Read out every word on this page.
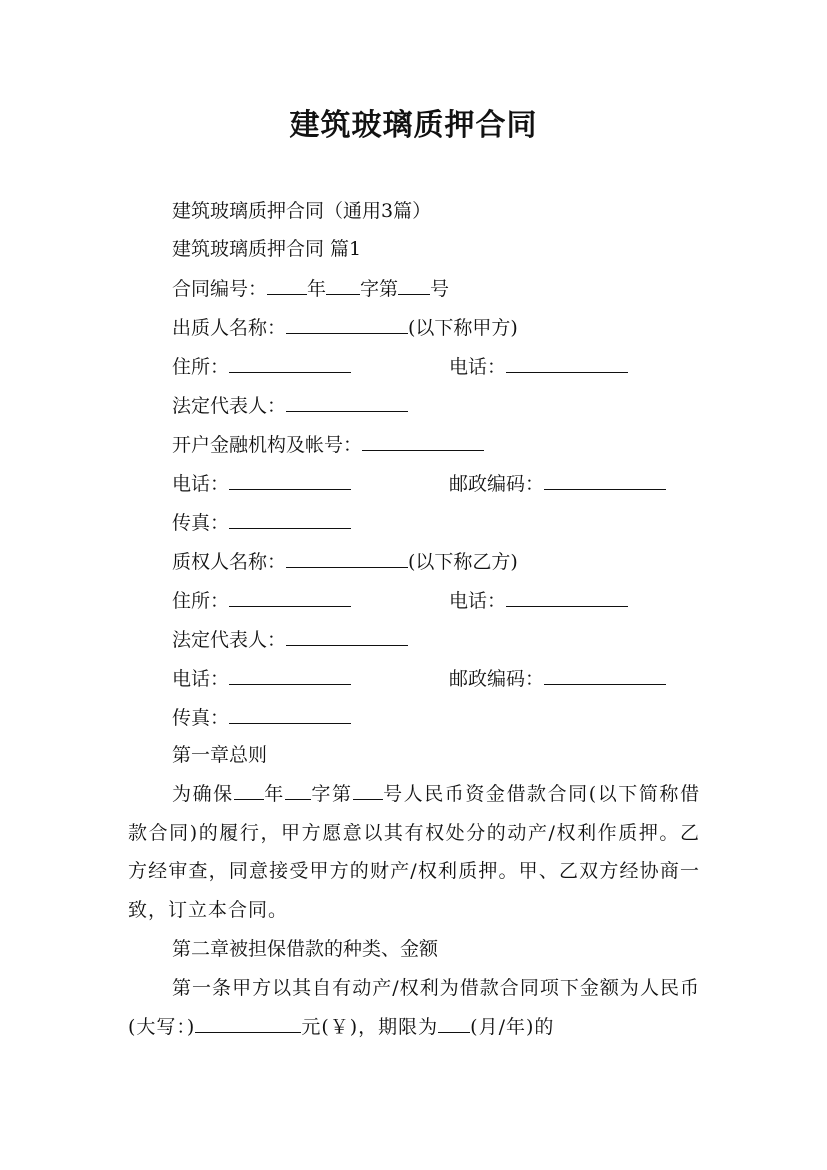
建筑玻璃质押合同
建筑玻璃质押合同（通用3篇）
建筑玻璃质押合同 篇1
合同编号： 年 字第 号
出质人名称：	(以下称甲方)
住所：	电话：
法定代表人：
开户金融机构及帐号：
电话：	邮政编码：
传真：
质权人名称：	(以下称乙方)
住所：	电话：
法定代表人：
电话：	邮政编码：
传真：
第一章总则
为确保 年 字第 号人民币资金借款合同(以下简称借款合同)的履行，甲方愿意以其有权处分的动产/权利作质押。乙方经审查，同意接受甲方的财产/权利质押。甲、乙双方经协商一致，订立本合同。
第二章被担保借款的种类、金额
第一条甲方以其自有动产/权利为借款合同项下金额为人民币(大写：)	元(￥)，期限为 (月/年)的
